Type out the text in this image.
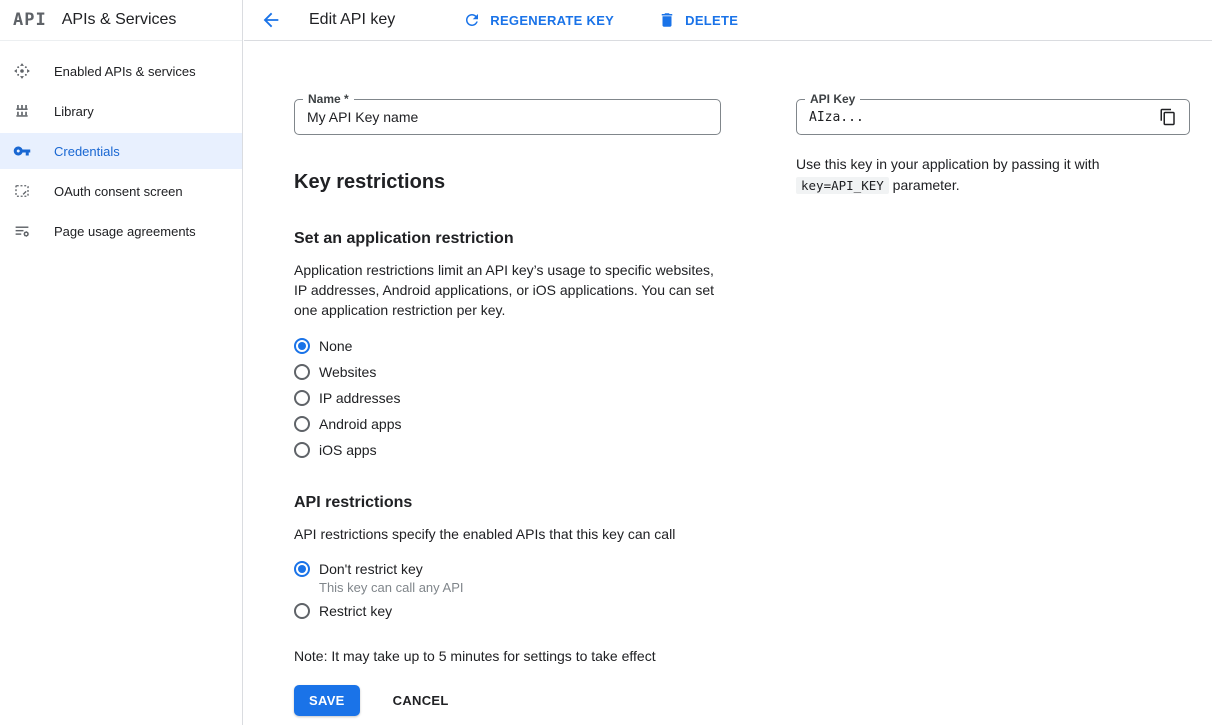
API APIs & Services
Enabled APIs & services
Library
Credentials
OAuth consent screen
Page usage agreements
Edit API key	REGENERATE KEY	DELETE
Name *
My API Key name
Key restrictions
Set an application restriction
Application restrictions limit an API key’s usage to specific websites, IP addresses, Android applications, or iOS applications. You can set one application restriction per key.
None
Websites
IP addresses
Android apps
iOS apps
API restrictions
API restrictions specify the enabled APIs that this key can call
Don't restrict key
This key can call any API
Restrict key
Note: It may take up to 5 minutes for settings to take effect
SAVE	CANCEL
API Key
AIza...
Use this key in your application by passing it with key=API_KEY parameter.
